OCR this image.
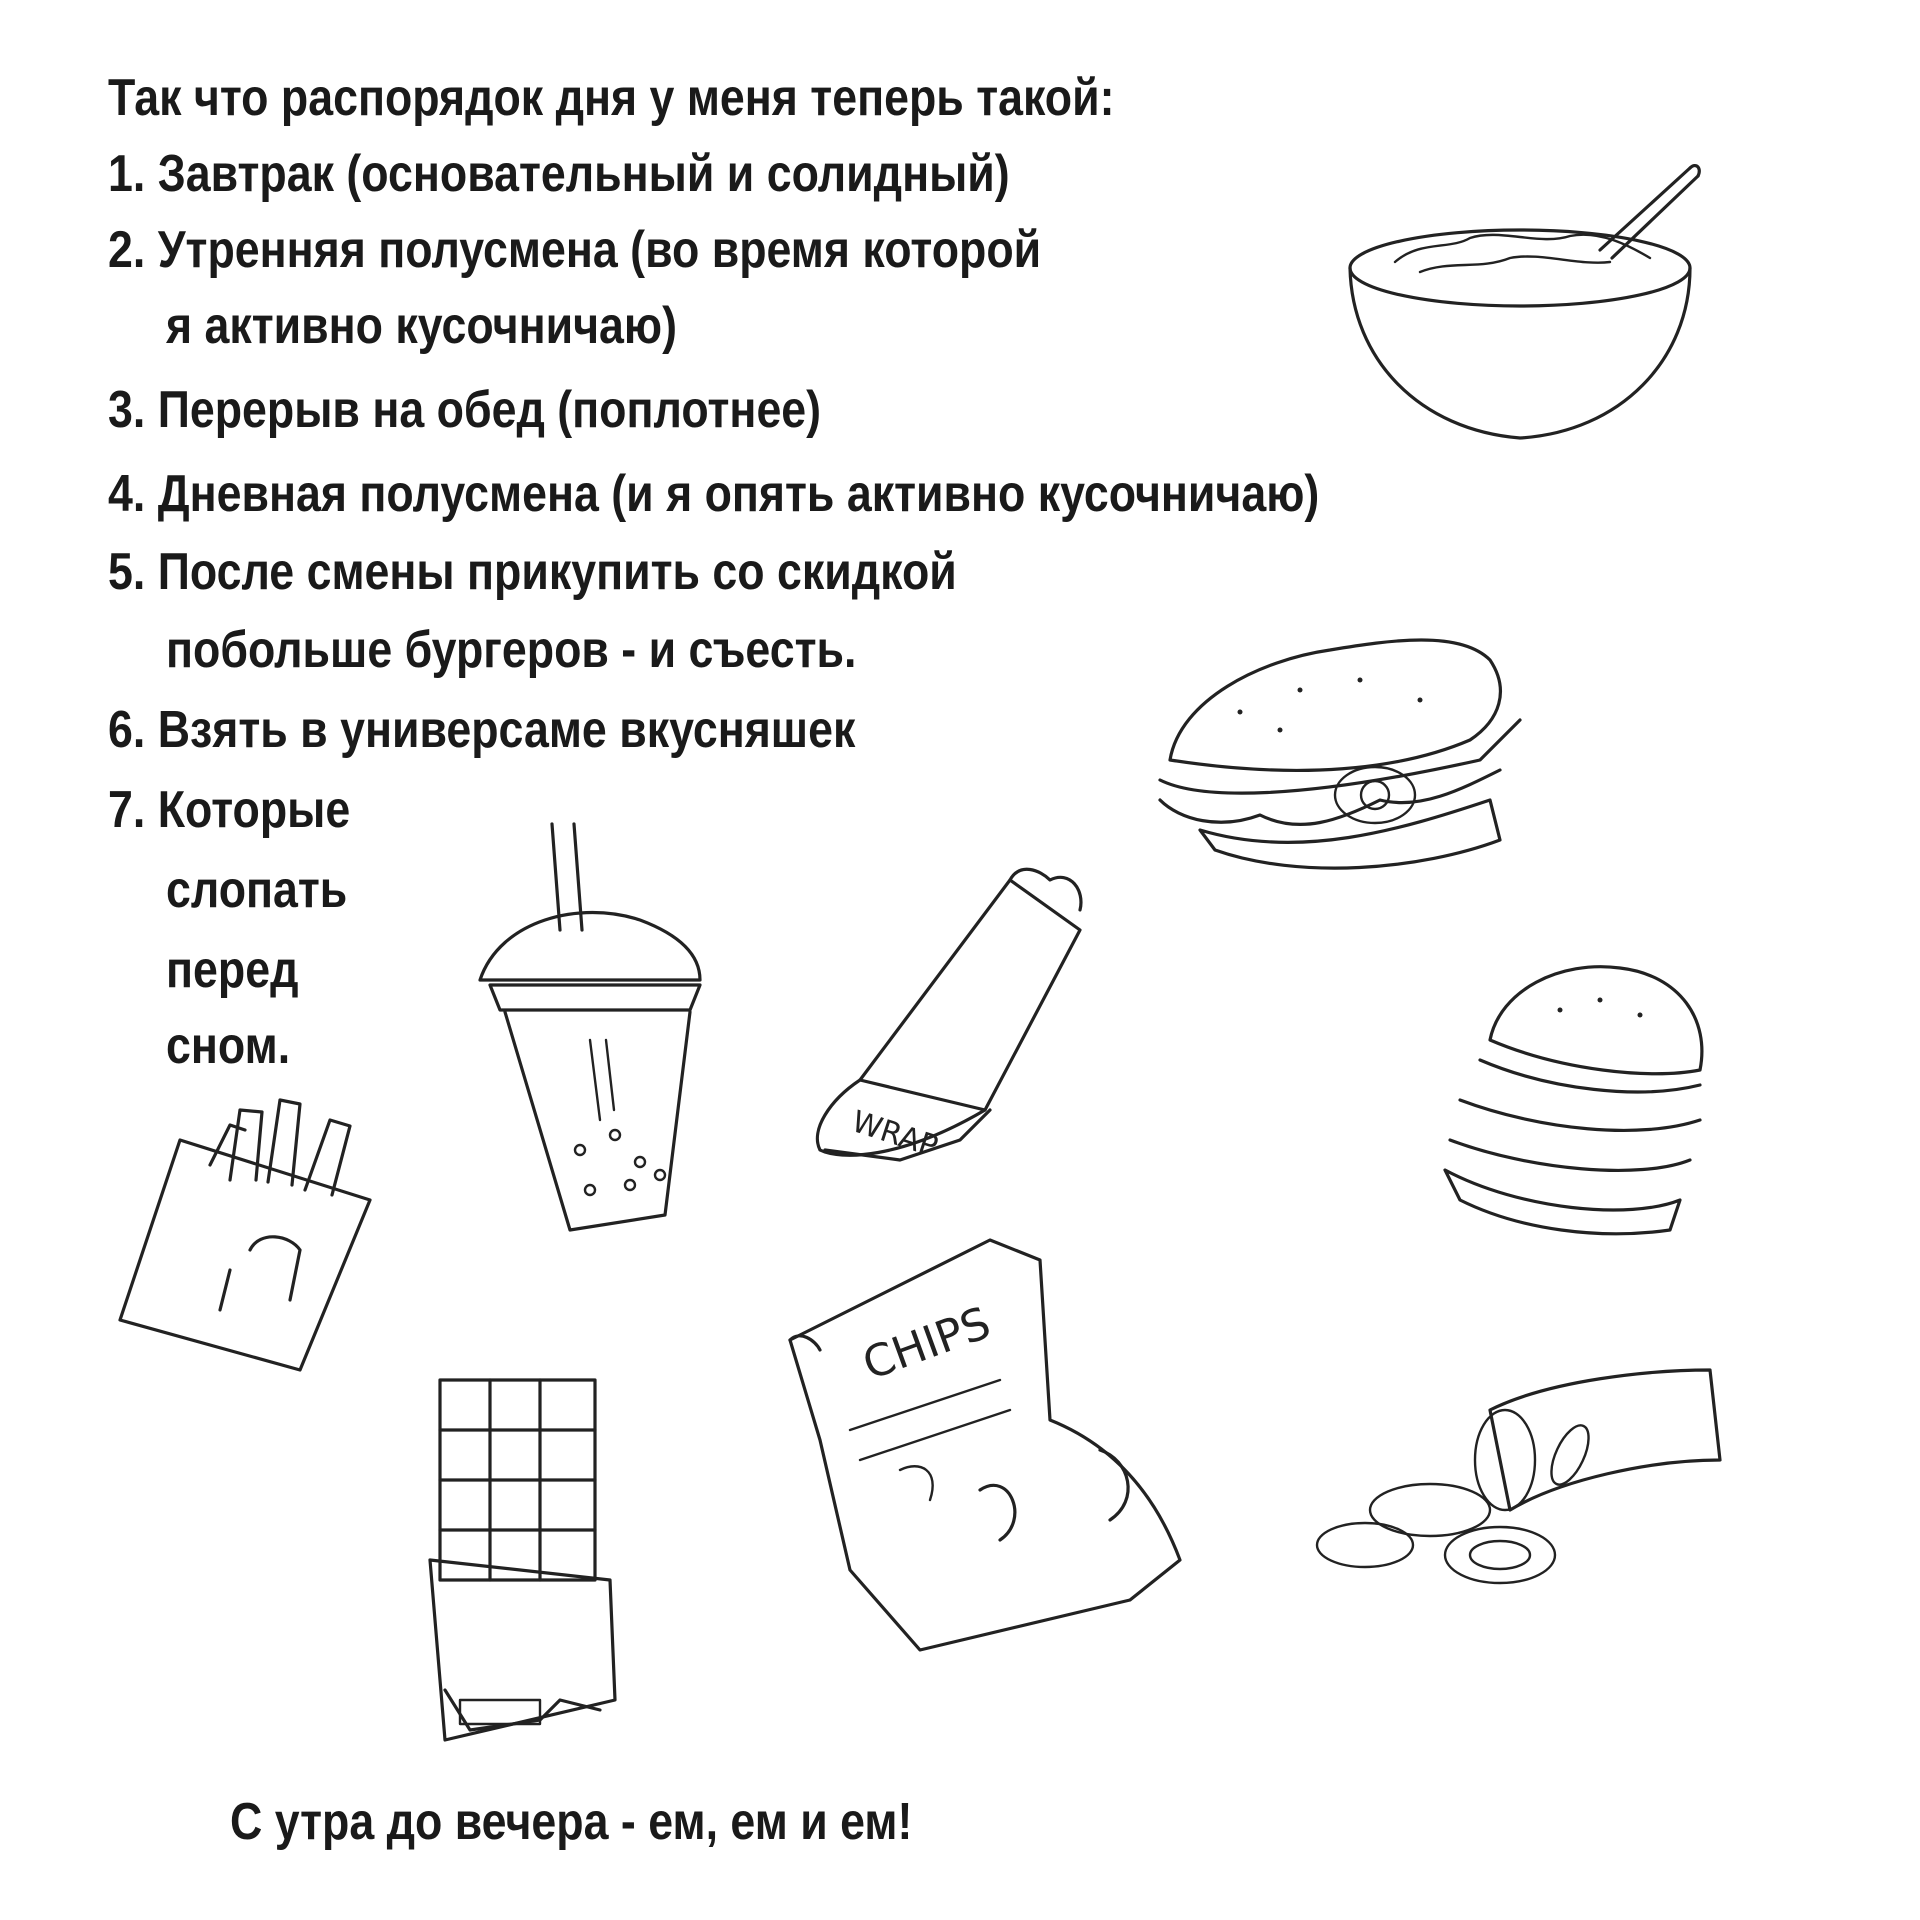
Так что распорядок дня у меня теперь такой:
1. Завтрак (основательный и солидный)
2. Утренняя полусмена (во время которой
я активно кусочничаю)
3. Перерыв на обед (поплотнее)
4. Дневная полусмена (и я опять активно кусочничаю)
5. После смены прикупить со скидкой
побольше бургеров - и съесть.
6. Взять в универсаме вкусняшек
7. Которые
слопать
перед
сном.
С утра до вечера - ем, ем и ем!
WRAP
CHIPS
